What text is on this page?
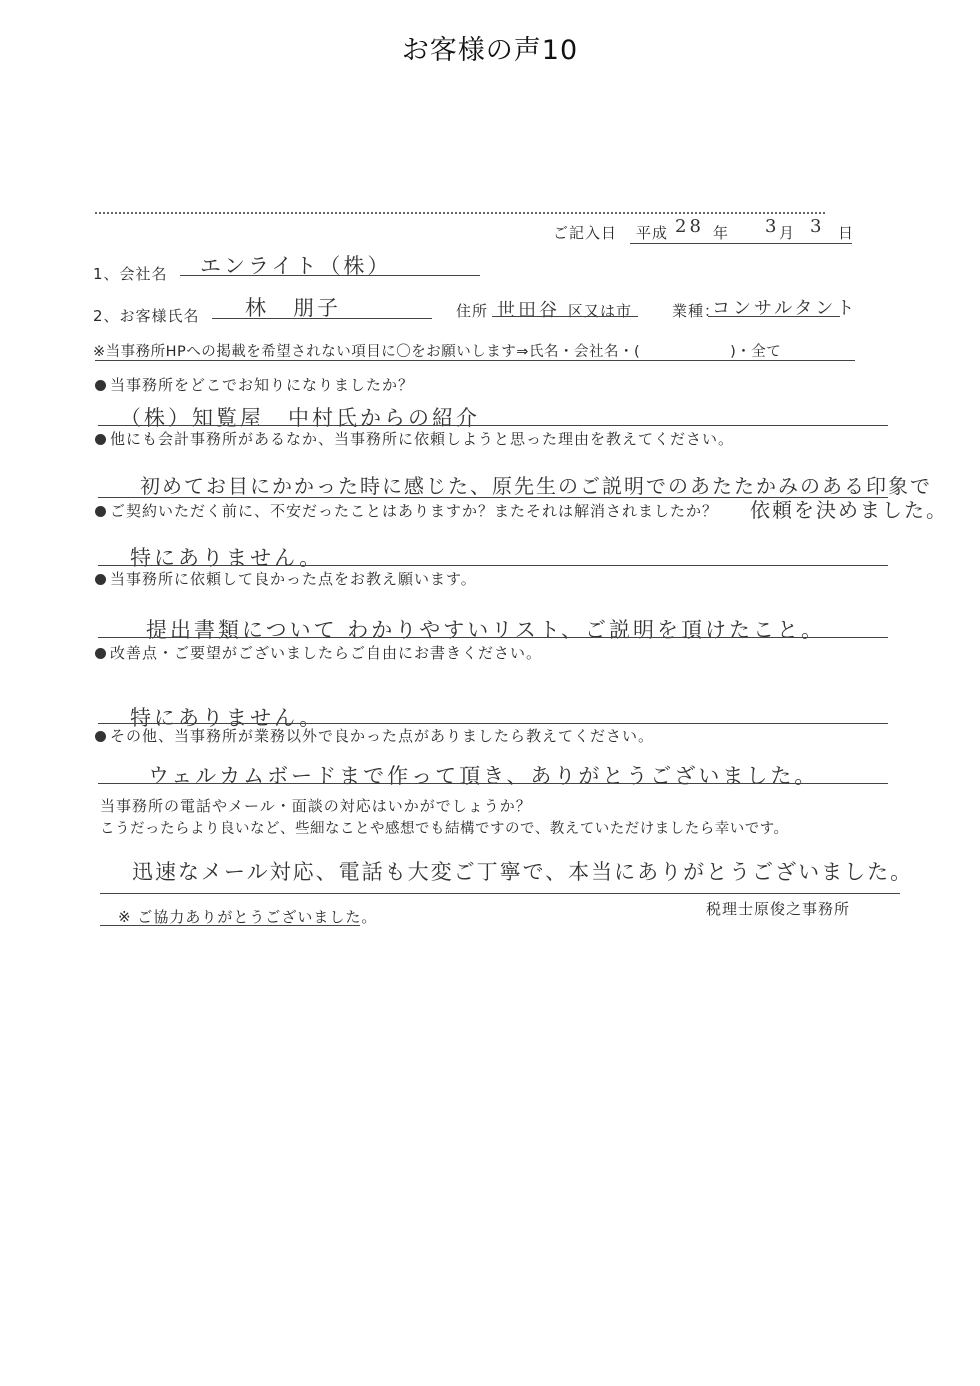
お客様の声10
ご記入日 平成 28 年 3 月 3 日
1、会社名 エンライト（株）
2、お客様氏名 林　朋子	住所 世田谷 区又は市	業種：
コンサルタント
※当事務所HPへの掲載を希望されない項目に〇をお願いします⇒氏名・会社名・(　　　　　　)・全て
当事務所をどこでお知りになりましたか？
（株）知覧屋　中村氏からの紹介
他にも会計事務所があるなか、当事務所に依頼しようと思った理由を教えてください。
初めてお目にかかった時に感じた、原先生のご説明でのあたたかみのある印象で
ご契約いただく前に、不安だったことはありますか？またそれは解消されましたか？ 依頼を決めました。
特にありません。
当事務所に依頼して良かった点をお教え願います。
提出書類について わかりやすいリスト、ご説明を頂けたこと。
改善点・ご要望がございましたらご自由にお書きください。
特にありません。
その他、当事務所が業務以外で良かった点がありましたら教えてください。
ウェルカムボードまで作って頂き、ありがとうございました。
当事務所の電話やメール・面談の対応はいかがでしょうか？
こうだったらより良いなど、些細なことや感想でも結構ですので、教えていただけましたら幸いです。
迅速なメール対応、電話も大変ご丁寧で、本当にありがとうございました。
※ ご協力ありがとうございました。	税理士原俊之事務所
